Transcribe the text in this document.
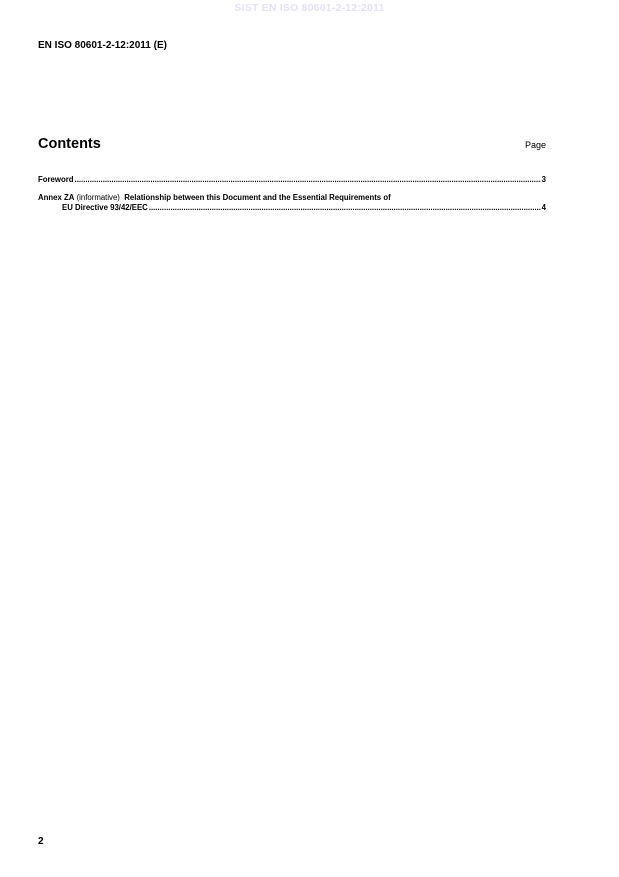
SIST EN ISO 80601-2-12:2011
EN ISO 80601-2-12:2011 (E)
Contents	Page
Foreword .....	3
Annex ZA
(informative)
Relationship between this Document and the Essential Requirements of
EU Directive 93/42/EEC .....	4
2
